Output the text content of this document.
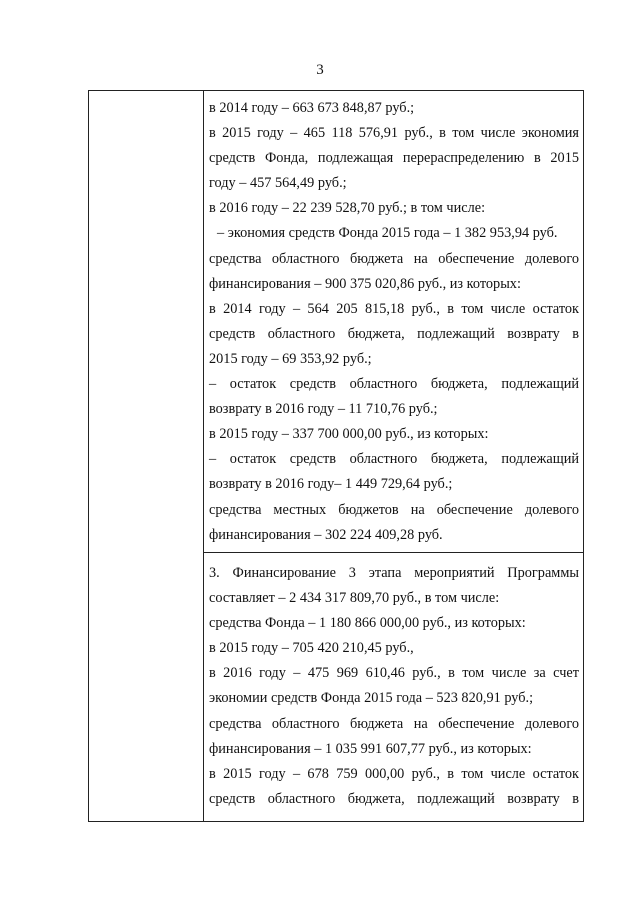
3

в 2014 году – 663 673 848,87 руб.;
в 2015 году – 465 118 576,91 руб., в том числе экономия
средств Фонда, подлежащая перераспределению в 2015
году – 457 564,49 руб.;
в 2016 году – 22 239 528,70 руб.; в том числе:
– экономия средств Фонда 2015 года – 1 382 953,94 руб.
средства областного бюджета на обеспечение долевого
финансирования – 900 375 020,86 руб., из которых:
в 2014 году – 564 205 815,18 руб., в том числе остаток
средств областного бюджета, подлежащий возврату в
2015 году – 69 353,92 руб.;
– остаток средств областного бюджета, подлежащий
возврату в 2016 году – 11 710,76 руб.;
в 2015 году – 337 700 000,00 руб., из которых:
– остаток средств областного бюджета, подлежащий
возврату в 2016 году– 1 449 729,64 руб.;
средства местных бюджетов на обеспечение долевого
финансирования – 302 224 409,28 руб.

3. Финансирование 3 этапа мероприятий Программы
составляет – 2 434 317 809,70 руб., в том числе:
средства Фонда – 1 180 866 000,00 руб., из которых:
в 2015 году – 705 420 210,45 руб.,
в 2016 году – 475 969 610,46 руб., в том числе за счет
экономии средств Фонда 2015 года – 523 820,91 руб.;
средства областного бюджета на обеспечение долевого
финансирования – 1 035 991 607,77 руб., из которых:
в 2015 году – 678 759 000,00 руб., в том числе остаток
средств областного бюджета, подлежащий возврату в
